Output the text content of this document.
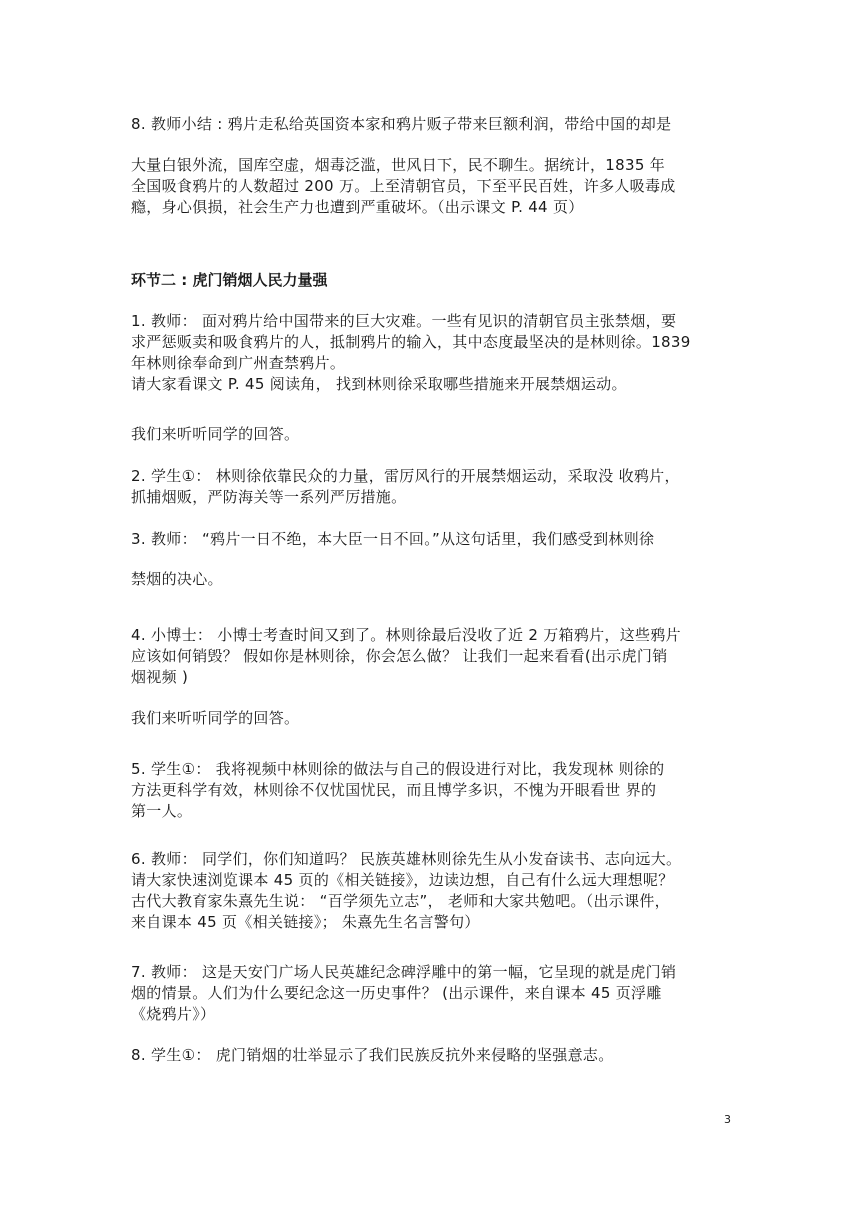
8. 教师小结 : 鸦片走私给英国资本家和鸦片贩子带来巨额利润，带给中国的却是
大量白银外流，国库空虚，烟毒泛滥，世风日下，民不聊生。据统计，1835 年
全国吸食鸦片的人数超过 200 万。上至清朝官员，下至平民百姓，许多人吸毒成
瘾，身心俱损，社会生产力也遭到严重破坏。（出示课文 P. 44 页）
环节二 : 虎门销烟人民力量强
1. 教师： 面对鸦片给中国带来的巨大灾难。一些有见识的清朝官员主张禁烟，要
求严惩贩卖和吸食鸦片的人，抵制鸦片的输入，其中态度最坚决的是林则徐。1839
年林则徐奉命到广州查禁鸦片。
请大家看课文 P. 45 阅读角， 找到林则徐采取哪些措施来开展禁烟运动。
我们来听听同学的回答。
2. 学生①： 林则徐依靠民众的力量，雷厉风行的开展禁烟运动，采取没 收鸦片，
抓捕烟贩，严防海关等一系列严厉措施。
3. 教师： “鸦片一日不绝，本大臣一日不回。”从这句话里，我们感受到林则徐
禁烟的决心。
4. 小博士： 小博士考查时间又到了。林则徐最后没收了近 2 万箱鸦片，这些鸦片
应该如何销毁？ 假如你是林则徐，你会怎么做？ 让我们一起来看看(出示虎门销
烟视频 )
我们来听听同学的回答。
5. 学生①： 我将视频中林则徐的做法与自己的假设进行对比，我发现林 则徐的
方法更科学有效，林则徐不仅忧国忧民，而且博学多识，不愧为开眼看世 界的
第一人。
6. 教师： 同学们，你们知道吗？ 民族英雄林则徐先生从小发奋读书、志向远大。
请大家快速浏览课本 45 页的《相关链接》，边读边想，自己有什么远大理想呢？
古代大教育家朱熹先生说： “百学须先立志”， 老师和大家共勉吧。（出示课件，
来自课本 45 页《相关链接》； 朱熹先生名言警句）
7. 教师： 这是天安门广场人民英雄纪念碑浮雕中的第一幅，它呈现的就是虎门销
烟的情景。人们为什么要纪念这一历史事件？ (出示课件，来自课本 45 页浮雕
《烧鸦片》）
8. 学生①： 虎门销烟的壮举显示了我们民族反抗外来侵略的坚强意志。
3
